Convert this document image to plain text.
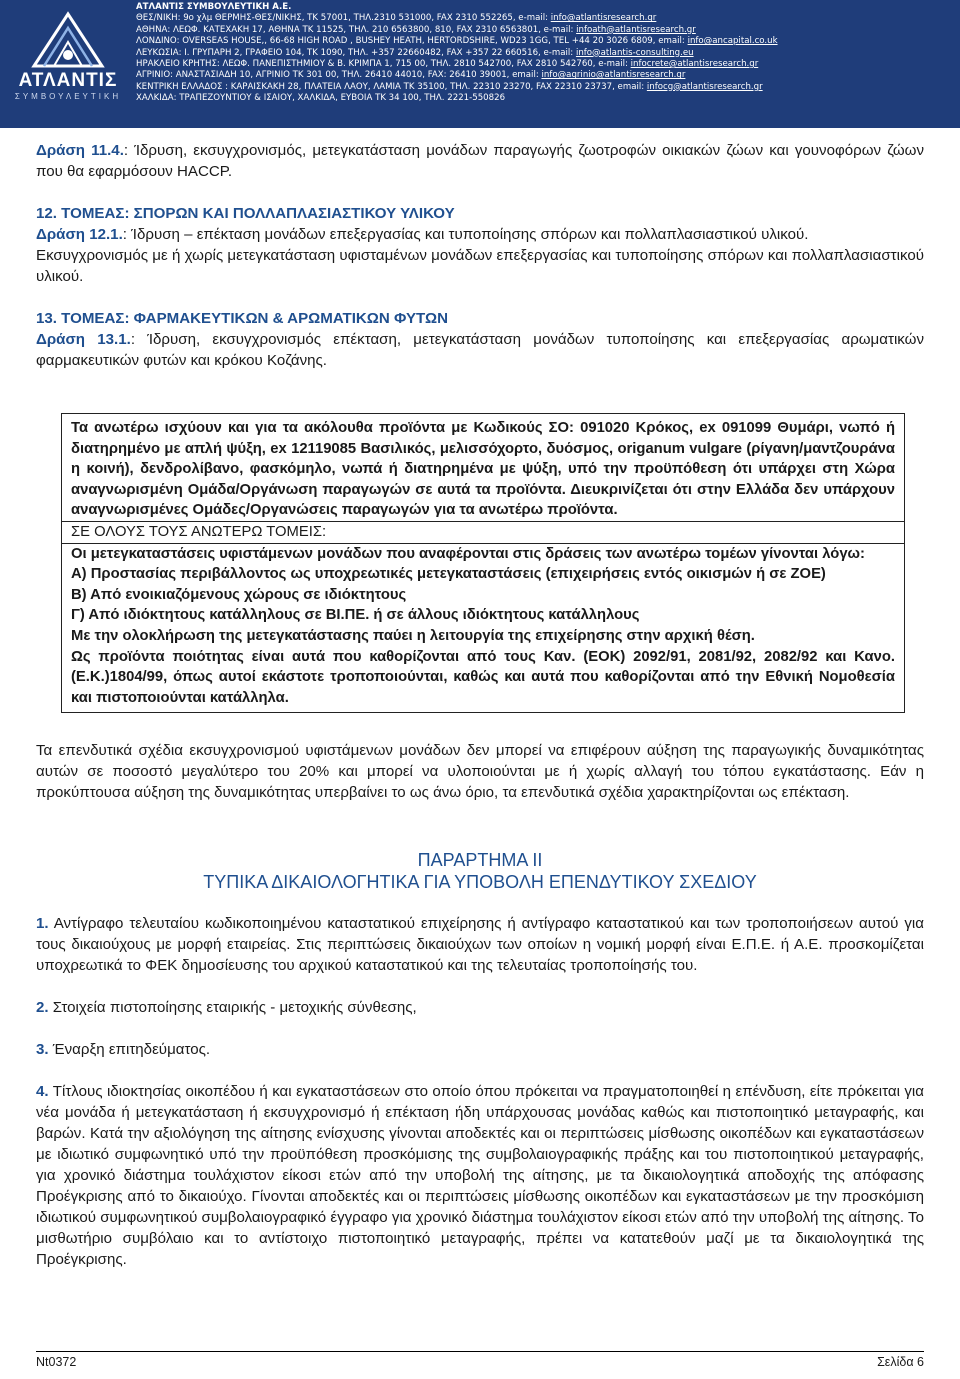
ΑΤΛΑΝΤΙΣ
ΣΥΜΒΟΥΛΕΥΤΙΚΗ
ΑΤΛΑΝΤΙΣ ΣΥΜΒΟΥΛΕΥΤΙΚΗ Α.Ε.
ΘΕΣ/ΝΙΚΗ: 9ο χλμ ΘΕΡΜΗΣ-ΘΕΣ/ΝΙΚΗΣ, ΤΚ 57001, ΤΗΛ.2310 531000, FAX 2310 552265, e-mail: info@atlantisresearch.gr
ΑΘΗΝΑ: ΛΕΩΦ. ΚΑΤΕΧΑΚΗ 17, ΑΘΗΝΑ ΤΚ 11525, ΤΗΛ. 210 6563800, 810, FAX 2310 6563801, e-mail: infoath@atlantisresearch.gr
ΛΟΝΔΙΝΟ: OVERSEAS HOUSE,, 66-68 HIGH ROAD , BUSHEY HEATH, HERTORDSHIRE, WD23 1GG, TEL +44 20 3026 6809, email: info@ancapital.co.uk
ΛΕΥΚΩΣΙΑ: Ι. ΓΡΥΠΑΡΗ 2, ΓΡΑΦΕΙΟ 104, ΤΚ 1090, ΤΗΛ. +357 22660482, FAX +357 22 660516, e-mail: info@atlantis-consulting.eu
ΗΡΑΚΛΕΙΟ ΚΡΗΤΗΣ: ΛΕΩΦ. ΠΑΝΕΠΙΣΤΗΜΙΟΥ & Β. ΚΡΙΜΠΑ 1, 715 00, ΤΗΛ. 2810 542700, FAX 2810 542760, e-mail: infocrete@atlantisresearch.gr
ΑΓΡΙΝΙΟ: ΑΝΑΣΤΑΣΙΑΔΗ 10, ΑΓΡΙΝΙΟ ΤΚ 301 00, ΤΗΛ. 26410 44010, FAX: 26410 39001, email: info@agrinio@atlantisresearch.gr
ΚΕΝΤΡΙΚΗ ΕΛΛΑΔΟΣ : ΚΑΡΑΙΣΚΑΚΗ 28, ΠΛΑΤΕΙΑ ΛΑΟΥ, ΛΑΜΙΑ ΤΚ 35100, ΤΗΛ. 22310 23270, FAX 22310 23737, email: infocg@atlantisresearch.gr
ΧΑΛΚΙΔΑ: ΤΡΑΠΕΖΟΥΝΤΙΟΥ & ΙΣΑΙΟΥ, ΧΑΛΚΙΔΑ, ΕΥΒΟΙΑ ΤΚ 34 100, ΤΗΛ. 2221-550826

Δράση 11.4.: Ίδρυση, εκσυγχρονισμός, μετεγκατάσταση μονάδων παραγωγής ζωοτροφών οικιακών ζώων και γουνοφόρων ζώων που θα εφαρμόσουν HACCP.

12. ΤΟΜΕΑΣ: ΣΠΟΡΩΝ ΚΑΙ ΠΟΛΛΑΠΛΑΣΙΑΣΤΙΚΟΥ ΥΛΙΚΟΥ

Δράση 12.1.: Ίδρυση – επέκταση μονάδων επεξεργασίας και τυποποίησης σπόρων και πολλαπλασιαστικού υλικού.

Εκσυγχρονισμός με ή χωρίς μετεγκατάσταση υφισταμένων μονάδων επεξεργασίας και τυποποίησης σπόρων και πολλαπλασιαστικού υλικού.

13. ΤΟΜΕΑΣ: ΦΑΡΜΑΚΕΥΤΙΚΩΝ & ΑΡΩΜΑΤΙΚΩΝ ΦΥΤΩΝ

Δράση 13.1.: Ίδρυση, εκσυγχρονισμός επέκταση, μετεγκατάσταση μονάδων τυποποίησης και επεξεργασίας αρωματικών φαρμακευτικών φυτών και κρόκου Κοζάνης.

Τα ανωτέρω ισχύουν και για τα ακόλουθα προϊόντα με Κωδικούς ΣΟ: 091020 Κρόκος, ex 091099 Θυμάρι, νωπό ή διατηρημένο με απλή ψύξη, ex 12119085 Βασιλικός, μελισσόχορτο, δυόσμος, origanum vulgare (ρίγανη/μαντζουράνα η κοινή), δενδρολίβανο, φασκόμηλο, νωπά ή διατηρημένα με ψύξη, υπό την προϋπόθεση ότι υπάρχει στη Χώρα αναγνωρισμένη Ομάδα/Οργάνωση παραγωγών σε αυτά τα προϊόντα. Διευκρινίζεται ότι στην Ελλάδα δεν υπάρχουν αναγνωρισμένες Ομάδες/Οργανώσεις παραγωγών για τα ανωτέρω προϊόντα.

ΣΕ ΟΛΟΥΣ ΤΟΥΣ ΑΝΩΤΕΡΩ ΤΟΜΕΙΣ:

Οι μετεγκαταστάσεις υφιστάμενων μονάδων που αναφέρονται στις δράσεις των ανωτέρω τομέων γίνονται λόγω:

Α) Προστασίας περιβάλλοντος ως υποχρεωτικές μετεγκαταστάσεις (επιχειρήσεις εντός οικισμών ή σε ΖΟΕ)

Β) Από ενοικιαζόμενους χώρους σε ιδιόκτητους

Γ) Από ιδιόκτητους κατάλληλους σε ΒΙ.ΠΕ. ή σε άλλους ιδιόκτητους κατάλληλους

Με την ολοκλήρωση της μετεγκατάστασης παύει η λειτουργία της επιχείρησης στην αρχική θέση.

Ως προϊόντα ποιότητας είναι αυτά που καθορίζονται από τους Καν. (ΕΟΚ) 2092/91, 2081/92, 2082/92 και Κανο. (Ε.Κ.)1804/99, όπως αυτοί εκάστοτε τροποποιούνται, καθώς και αυτά που καθορίζονται από την Εθνική Νομοθεσία και πιστοποιούνται κατάλληλα.

Τα επενδυτικά σχέδια εκσυγχρονισμού υφιστάμενων μονάδων δεν μπορεί να επιφέρουν αύξηση της παραγωγικής δυναμικότητας αυτών σε ποσοστό μεγαλύτερο του 20% και μπορεί να υλοποιούνται με ή χωρίς αλλαγή του τόπου εγκατάστασης. Εάν η προκύπτουσα αύξηση της δυναμικότητας υπερβαίνει το ως άνω όριο, τα επενδυτικά σχέδια χαρακτηρίζονται ως επέκταση.

ΠΑΡΑΡΤΗΜΑ ΙΙ
ΤΥΠΙΚΑ ΔΙΚΑΙΟΛΟΓΗΤΙΚΑ ΓΙΑ ΥΠΟΒΟΛΗ ΕΠΕΝΔΥΤΙΚΟΥ ΣΧΕΔΙΟΥ

1. Αντίγραφο τελευταίου κωδικοποιημένου καταστατικού επιχείρησης ή αντίγραφο καταστατικού και των τροποποιήσεων αυτού για τους δικαιούχους με μορφή εταιρείας. Στις περιπτώσεις δικαιούχων των οποίων η νομική μορφή είναι Ε.Π.Ε. ή Α.Ε. προσκομίζεται υποχρεωτικά το ΦΕΚ δημοσίευσης του αρχικού καταστατικού και της τελευταίας τροποποίησής του.

2. Στοιχεία πιστοποίησης εταιρικής - μετοχικής σύνθεσης,

3. Έναρξη επιτηδεύματος.

4. Τίτλους ιδιοκτησίας οικοπέδου ή και εγκαταστάσεων στο οποίο όπου πρόκειται να πραγματοποιηθεί η επένδυση, είτε πρόκειται για νέα μονάδα ή μετεγκατάσταση ή εκσυγχρονισμό ή επέκταση ήδη υπάρχουσας μονάδας καθώς και πιστοποιητικό μεταγραφής, και βαρών. Κατά την αξιολόγηση της αίτησης ενίσχυσης γίνονται αποδεκτές και οι περιπτώσεις μίσθωσης οικοπέδων και εγκαταστάσεων με ιδιωτικό συμφωνητικό υπό την προϋπόθεση προσκόμισης της συμβολαιογραφικής πράξης και του πιστοποιητικού μεταγραφής, για χρονικό διάστημα τουλάχιστον είκοσι ετών από την υποβολή της αίτησης, με τα δικαιολογητικά αποδοχής της απόφασης Προέγκρισης από το δικαιούχο. Γίνονται αποδεκτές και οι περιπτώσεις μίσθωσης οικοπέδων και εγκαταστάσεων με την προσκόμιση ιδιωτικού συμφωνητικού συμβολαιογραφικό έγγραφο για χρονικό διάστημα τουλάχιστον είκοσι ετών από την υποβολή της αίτησης. Το μισθωτήριο συμβόλαιο και το αντίστοιχο πιστοποιητικό μεταγραφής, πρέπει να κατατεθούν μαζί με τα δικαιολογητικά της Προέγκρισης.

Nt0372	Σελίδα 6
